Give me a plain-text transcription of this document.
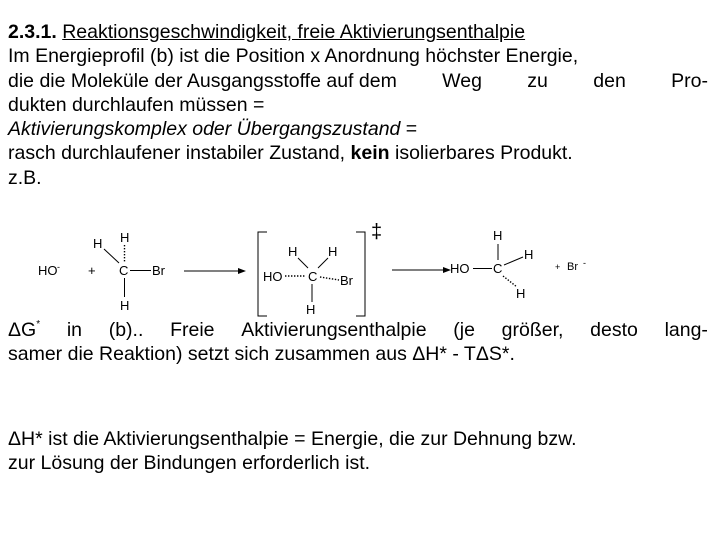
2.3.1. Reaktionsgeschwindigkeit, freie Aktivierungsenthalpie
Im Energieprofil (b) ist die Position x Anordnung höchster Energie,
die die Moleküle der Ausgangsstoffe auf dem Weg zu den Pro-
dukten durchlaufen müssen =
Aktivierungskomplex oder Übergangszustand =
rasch durchlaufener instabiler Zustand, kein isolierbares Produkt.
z.B.
HO - +
H H
C Br
H
‡
H H
HO C Br
H
H
HO C
H
H
+ Br -
ΔG* in (b).. Freie Aktivierungsenthalpie (je größer, desto lang-
samer die Reaktion) setzt sich zusammen aus ΔH* - TΔS*.
ΔH* ist die Aktivierungsenthalpie = Energie, die zur Dehnung bzw.
zur Lösung der Bindungen erforderlich ist.
